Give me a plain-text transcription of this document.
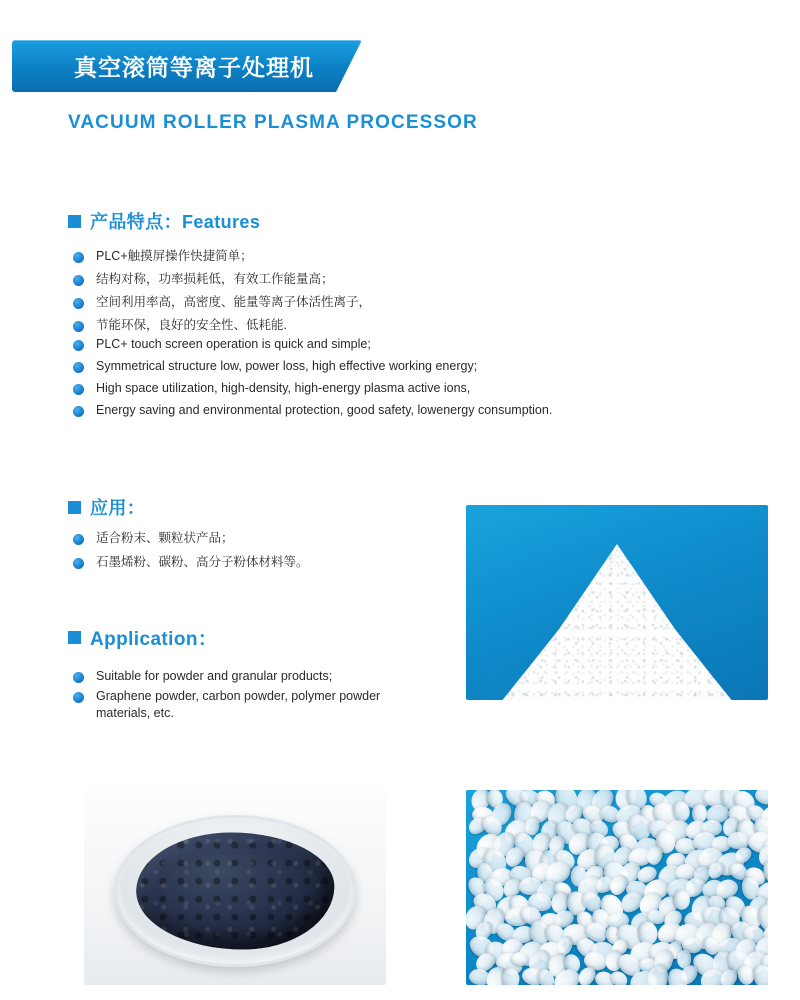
真空滚筒等离子处理机
VACUUM ROLLER PLASMA PROCESSOR
产品特点：Features
PLC+触摸屏操作快捷简单；
结构对称，功率损耗低，有效工作能量高；
空间利用率高，高密度、能量等离子体活性离子，
节能环保，良好的安全性、低耗能.
PLC+ touch screen operation is quick and simple;
Symmetrical structure low, power loss, high effective working energy;
High space utilization, high-density, high-energy plasma active ions,
Energy saving and environmental protection, good safety, lowenergy consumption.
应用：
适合粉末、颗粒状产品；
石墨烯粉、碳粉、高分子粉体材料等。
Application：
Suitable for powder and granular products;
Graphene powder, carbon powder, polymer powder materials, etc.
